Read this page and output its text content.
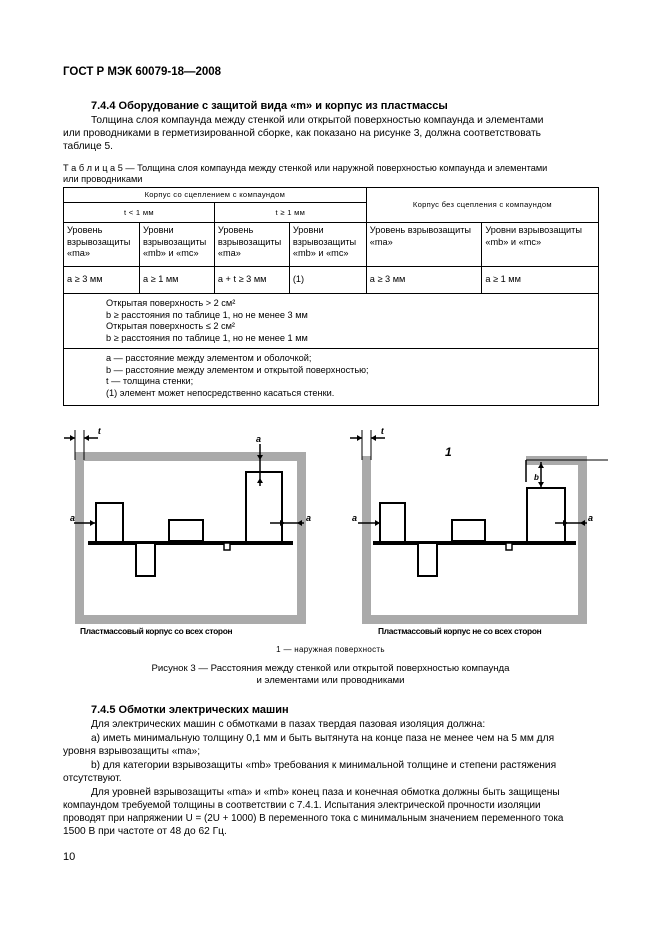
ГОСТ Р МЭК 60079-18—2008
7.4.4 Оборудование с защитой вида «m» и корпус из пластмассы
Толщина слоя компаунда между стенкой или открытой поверхностью компаунда и элементами
или проводниками в герметизированной сборке, как показано на рисунке 3, должна соответствовать
таблице 5.
Т а б л и ц а 5 — Толщина слоя компаунда между стенкой или наружной поверхностью компаунда и элементами
или проводниками
Корпус со сцеплением с компаундом				Корпус без сцепления с компаундом	
t < 1 мм		t ≥ 1 мм			
Уровень взрывозащиты «ma»	Уровни взрывозащиты «mb» и «mc»	Уровень взрывозащиты «ma»	Уровни взрывозащиты «mb» и «mc»	Уровень взрывозащиты «ma»	Уровни взрывозащиты «mb» и «mc»
a ≥ 3 мм	a ≥ 1 мм	a + t ≥ 3 мм	(1)	a ≥ 3 мм	a ≥ 1 мм

Открытая поверхность > 2 см²
b ≥ расстояния по таблице 1, но не менее 3 мм
Открытая поверхность ≤ 2 см²
b ≥ расстояния по таблице 1, но не менее 1 мм					

a — расстояние между элементом и оболочкой;
b — расстояние между элементом и открытой поверхностью;
t — толщина стенки;
(1) элемент может непосредственно касаться стенки.					
t
a	a
a
t
1
b
a	a
Пластмассовый корпус со всех сторон	Пластмассовый корпус не со всех сторон
1 — наружная поверхность
Рисунок 3 — Расстояния между стенкой или открытой поверхностью компаунда
и элементами или проводниками
7.4.5 Обмотки электрических машин
Для электрических машин с обмотками в пазах твердая пазовая изоляция должна:
а) иметь минимальную толщину 0,1 мм и быть вытянута на конце паза не менее чем на 5 мм для
уровня взрывозащиты «ma»;
b) для категории взрывозащиты «mb» требования к минимальной толщине и степени растяжения
отсутствуют.
Для уровней взрывозащиты «ma» и «mb» конец паза и конечная обмотка должны быть защищены
компаундом требуемой толщины в соответствии с 7.4.1. Испытания электрической прочности изоляции
проводят при напряжении U = (2U + 1000) В переменного тока с минимальным значением переменного тока
1500 В при частоте от 48 до 62 Гц.
10
